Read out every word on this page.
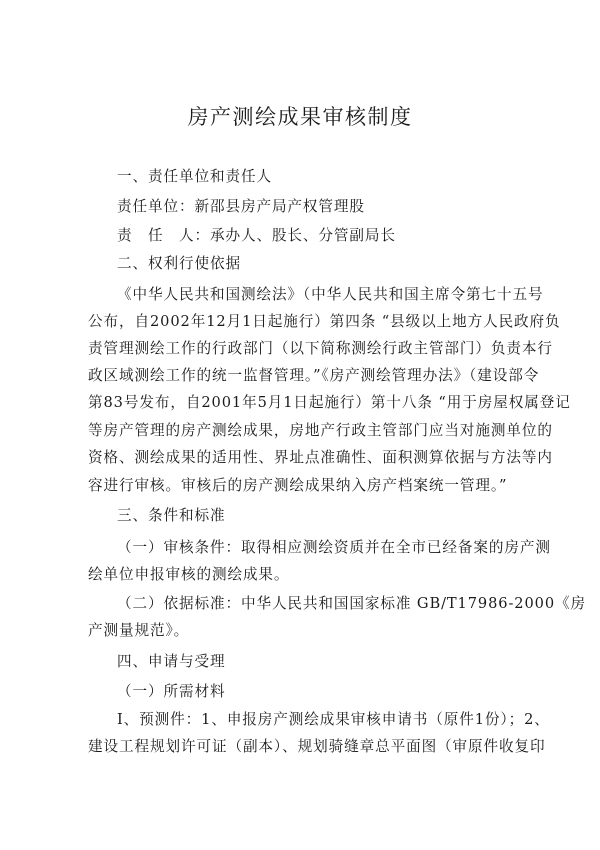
房产测绘成果审核制度
一、责任单位和责任人
责任单位：新邵县房产局产权管理股
责　任　人：承办人、股长、分管副局长
二、权利行使依据
《中华人民共和国测绘法》（中华人民共和国主席令第七十五号
公布，自2002年12月1日起施行）第四条 “县级以上地方人民政府负
责管理测绘工作的行政部门（以下简称测绘行政主管部门）负责本行
政区域测绘工作的统一监督管理。”《房产测绘管理办法》（建设部令
第83号发布，自2001年5月1日起施行）第十八条 “用于房屋权属登记
等房产管理的房产测绘成果，房地产行政主管部门应当对施测单位的
资格、测绘成果的适用性、界址点准确性、面积测算依据与方法等内
容进行审核。审核后的房产测绘成果纳入房产档案统一管理。”
三、条件和标准
（一）审核条件：取得相应测绘资质并在全市已经备案的房产测
绘单位申报审核的测绘成果。
（二）依据标准：中华人民共和国国家标准 GB/T17986-2000《房
产测量规范》。
四、申请与受理
（一）所需材料
Ⅰ、预测件：1、申报房产测绘成果审核申请书（原件1份）；2、
建设工程规划许可证（副本）、规划骑缝章总平面图（审原件收复印
